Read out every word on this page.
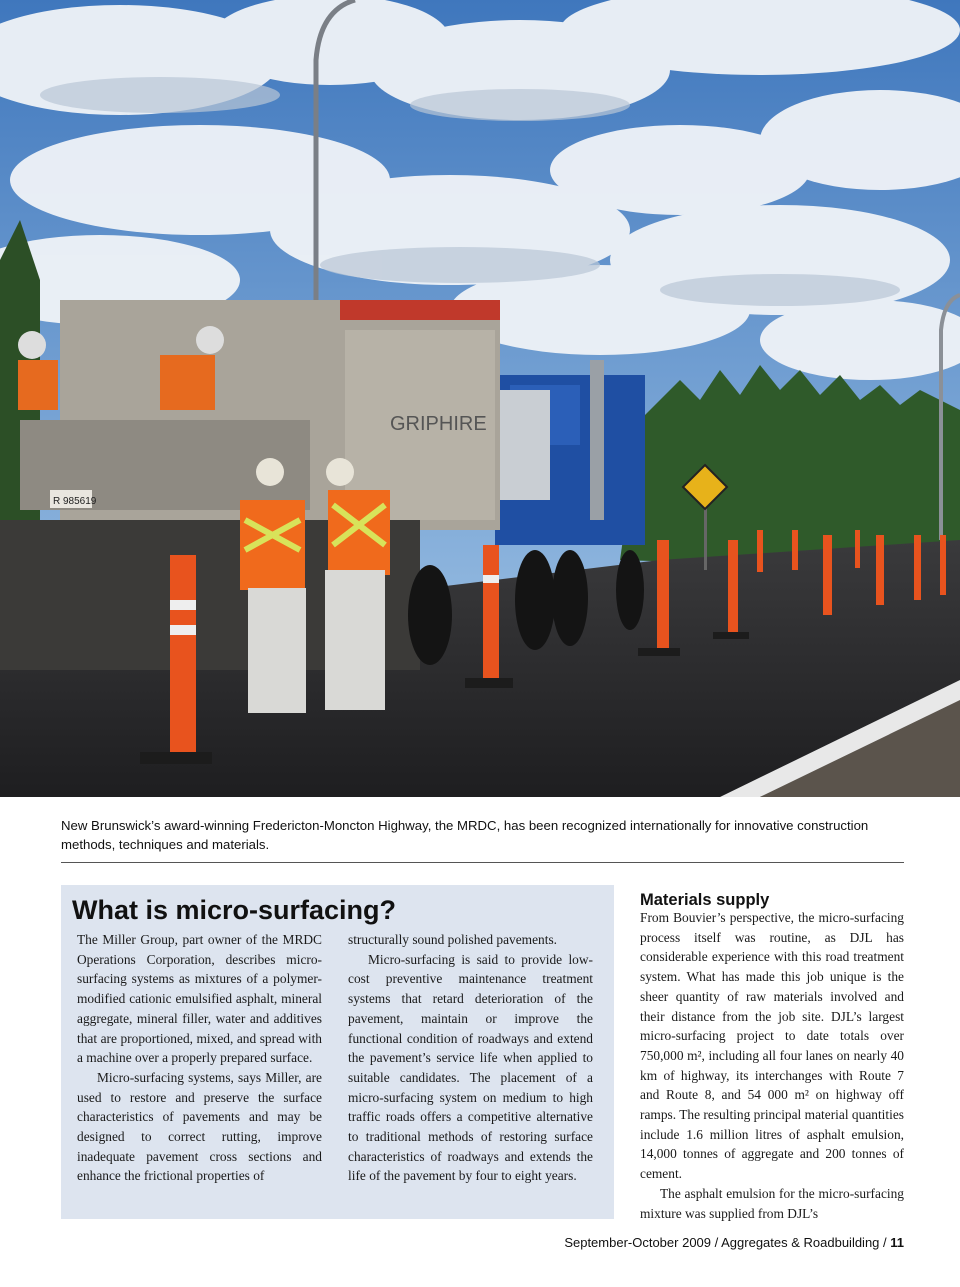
GRIPHIRE
R 985619
New Brunswick’s award-winning Fredericton-Moncton Highway, the MRDC, has been recognized internationally for innovative construction methods, techniques and materials.
What is micro-surfacing?

The Miller Group, part owner of the MRDC Operations Corporation, describes micro-surfacing systems as mixtures of a polymer-modified cationic emulsified asphalt, mineral aggregate, mineral filler, water and additives that are proportioned, mixed, and spread with a machine over a properly prepared surface.

Micro-surfacing systems, says Miller, are used to restore and preserve the surface characteristics of pavements and may be designed to correct rutting, improve inadequate pavement cross sections and enhance the frictional properties of

structurally sound polished pavements.

Micro-surfacing is said to provide low-cost preventive maintenance treatment systems that retard deterioration of the pavement, maintain or improve the functional condition of roadways and extend the pavement’s service life when applied to suitable candidates. The placement of a micro-surfacing system on medium to high traffic roads offers a competitive alternative to traditional methods of restoring surface characteristics of roadways and extends the life of the pavement by four to eight years.

Materials supply

From Bouvier’s perspective, the micro-surfacing process itself was routine, as DJL has considerable experience with this road treatment system. What has made this job unique is the sheer quantity of raw materials involved and their distance from the job site. DJL’s largest micro-surfacing project to date totals over 750,000 m², including all four lanes on nearly 40 km of highway, its interchanges with Route 7 and Route 8, and 54 000 m² on highway off ramps. The resulting principal material quantities include 1.6 million litres of asphalt emulsion, 14,000 tonnes of aggregate and 200 tonnes of cement.

The asphalt emulsion for the micro-surfacing mixture was supplied from DJL’s

September-October 2009 / Aggregates & Roadbuilding / 11
